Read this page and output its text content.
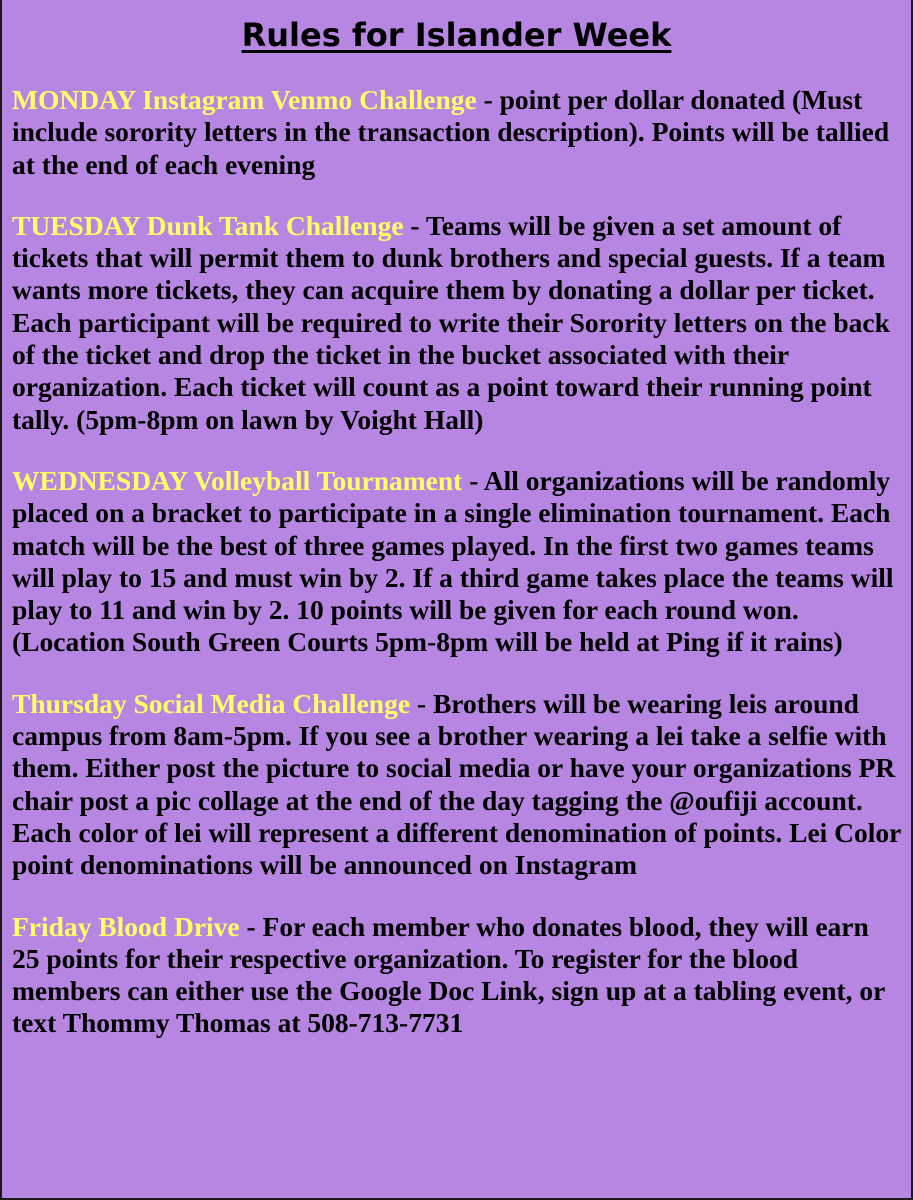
Rules for Islander Week

MONDAY Instagram Venmo Challenge - point per dollar donated (Must include sorority letters in the transaction description). Points will be tallied at the end of each evening

TUESDAY Dunk Tank Challenge - Teams will be given a set amount of tickets that will permit them to dunk brothers and special guests. If a team wants more tickets, they can acquire them by donating a dollar per ticket. Each participant will be required to write their Sorority letters on the back of the ticket and drop the ticket in the bucket associated with their organization. Each ticket will count as a point toward their running point tally. (5pm-8pm on lawn by Voight Hall)

WEDNESDAY Volleyball Tournament - All organizations will be randomly placed on a bracket to participate in a single elimination tournament. Each match will be the best of three games played. In the first two games teams will play to 15 and must win by 2. If a third game takes place the teams will play to 11 and win by 2. 10 points will be given for each round won. (Location South Green Courts 5pm-8pm will be held at Ping if it rains)

Thursday Social Media Challenge - Brothers will be wearing leis around campus from 8am-5pm. If you see a brother wearing a lei take a selfie with them. Either post the picture to social media or have your organizations PR chair post a pic collage at the end of the day tagging the @oufiji account. Each color of lei will represent a different denomination of points. Lei Color point denominations will be announced on Instagram

Friday Blood Drive - For each member who donates blood, they will earn 25 points for their respective organization. To register for the blood members can either use the Google Doc Link, sign up at a tabling event, or text Thommy Thomas at 508-713-7731
